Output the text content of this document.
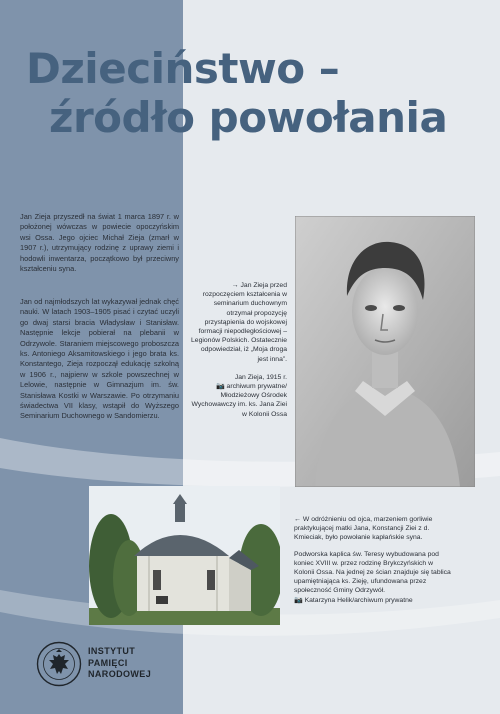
Dzieciństwo –
źródło powołania

Jan Zieja przyszedł na świat 1 marca 1897 r. w położonej wówczas w powiecie opoczyńskim wsi Ossa. Jego ojciec Michał Zieja (zmarł w 1907 r.), utrzymujący rodzinę z uprawy ziemi i hodowli inwentarza, początkowo był przeciwny kształceniu syna.

Jan od najmłodszych lat wykazywał jednak chęć nauki. W latach 1903–1905 pisać i czytać uczyli go dwaj starsi bracia Władysław i Stanisław. Następnie lekcje pobierał na plebanii w Odrzywole. Staraniem miejscowego proboszcza ks. Antoniego Aksamitowskiego i jego brata ks. Konstantego, Zieja rozpoczął edukację szkolną w 1906 r., najpierw w szkole powszechnej w Lelowie, następnie w Gimnazjum im. św. Stanisława Kostki w Warszawie. Po otrzymaniu świadectwa VII klasy, wstąpił do Wyższego Seminarium Duchownego w Sandomierzu.

→ Jan Zieja przed rozpoczęciem kształcenia w seminarium duchownym otrzymał propozycję przystąpienia do wojskowej formacji niepodległościowej – Legionów Polskich. Ostatecznie odpowiedział, iż „Moja droga jest inna”.
Jan Zieja, 1915 r.
📷 archiwum prywatne/ Młodzieżowy Ośrodek Wychowawczy im. ks. Jana Ziei w Kolonii Ossa
← W odróżnieniu od ojca, marzeniem gorliwie praktykującej matki Jana, Konstancji Ziei z d. Kmieciak, było powołanie kapłańskie syna.
Podworska kaplica św. Teresy wybudowana pod koniec XVIII w. przez rodzinę Brykczyńskich w Kolonii Ossa. Na jednej ze ścian znajduje się tablica upamiętniająca ks. Zieję, ufundowana przez społeczność Gminy Odrzywół.
📷 Katarzyna Helik/archiwum prywatne

INSTYTUT
PAMIĘCI
NARODOWEJ
